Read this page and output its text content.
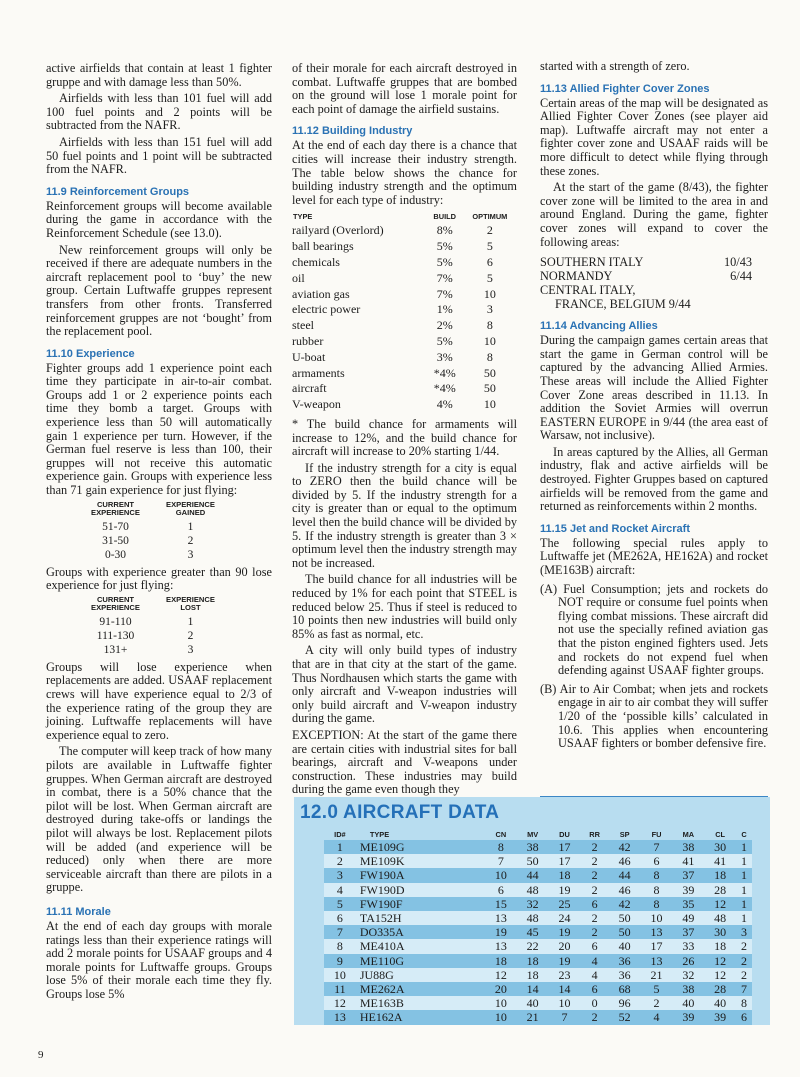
active airfields that contain at least 1 fighter gruppe and with damage less than 50%.

Airfields with less than 101 fuel will add 100 fuel points and 2 points will be subtracted from the NAFR.

Airfields with less than 151 fuel will add 50 fuel points and 1 point will be subtracted from the NAFR.

11.9 Reinforcement Groups

Reinforcement groups will become available during the game in accordance with the Reinforcement Schedule (see 13.0).

New reinforcement groups will only be received if there are adequate numbers in the aircraft replacement pool to ‘buy’ the new group. Certain Luftwaffe gruppes represent transfers from other fronts. Transferred reinforcement gruppes are not ‘bought’ from the replacement pool.

11.10 Experience

Fighter groups add 1 experience point each time they participate in air-to-air combat. Groups add 1 or 2 experience points each time they bomb a target. Groups with experience less than 50 will automatically gain 1 experience per turn. However, if the German fuel reserve is less than 100, their gruppes will not receive this automatic experience gain. Groups with experience less than 71 gain experience for just flying:

CURRENT
EXPERIENCE	EXPERIENCE
GAINED
51-70	1
31-50	2
0-30	3

Groups with experience greater than 90 lose experience for just flying:

CURRENT
EXPERIENCE	EXPERIENCE
LOST
91-110	1
111-130	2
131+	3

Groups will lose experience when replacements are added. USAAF replacement crews will have experience equal to 2/3 of the experience rating of the group they are joining. Luftwaffe replacements will have experience equal to zero.

The computer will keep track of how many pilots are available in Luftwaffe fighter gruppes. When German aircraft are destroyed in combat, there is a 50% chance that the pilot will be lost. When German aircraft are destroyed during take-offs or landings the pilot will always be lost. Replacement pilots will be added (and experience will be reduced) only when there are more serviceable aircraft than there are pilots in a gruppe.

11.11 Morale

At the end of each day groups with morale ratings less than their experience ratings will add 2 morale points for USAAF groups and 4 morale points for Luftwaffe groups. Groups lose 5% of their morale each time they fly. Groups lose 5%

of their morale for each aircraft destroyed in combat. Luftwaffe gruppes that are bombed on the ground will lose 1 morale point for each point of damage the airfield sustains.

11.12 Building Industry

At the end of each day there is a chance that cities will increase their industry strength. The table below shows the chance for building industry strength and the optimum level for each type of industry:

TYPE	BUILD	OPTIMUM
railyard (Overlord)	8%	2
ball bearings	5%	5
chemicals	5%	6
oil	7%	5
aviation gas	7%	10
electric power	1%	3
steel	2%	8
rubber	5%	10
U-boat	3%	8
armaments	*4%	50
aircraft	*4%	50
V-weapon	4%	10

* The build chance for armaments will increase to 12%, and the build chance for aircraft will increase to 20% starting 1/44.

If the industry strength for a city is equal to ZERO then the build chance will be divided by 5. If the industry strength for a city is greater than or equal to the optimum level then the build chance will be divided by 5. If the industry strength is greater than 3 × optimum level then the industry strength may not be increased.

The build chance for all industries will be reduced by 1% for each point that STEEL is reduced below 25. Thus if steel is reduced to 10 points then new industries will build only 85% as fast as normal, etc.

A city will only build types of industry that are in that city at the start of the game. Thus Nordhausen which starts the game with only aircraft and V-weapon industries will only build aircraft and V-weapon industry during the game.

EXCEPTION: At the start of the game there are certain cities with industrial sites for ball bearings, aircraft and V-weapons under construction. These industries may build during the game even though they

started with a strength of zero.

11.13 Allied Fighter Cover Zones

Certain areas of the map will be designated as Allied Fighter Cover Zones (see player aid map). Luftwaffe aircraft may not enter a fighter cover zone and USAAF raids will be more difficult to detect while flying through these zones.

At the start of the game (8/43), the fighter cover zone will be limited to the area in and around England. During the game, fighter cover zones will expand to cover the following areas:

SOUTHERN ITALY	10/43
NORMANDY	6/44
CENTRAL ITALY,	
FRANCE, BELGIUM 9/44	
11.14 Advancing Allies

During the campaign games certain areas that start the game in German control will be captured by the advancing Allied Armies. These areas will include the Allied Fighter Cover Zone areas described in 11.13. In addition the Soviet Armies will overrun EASTERN EUROPE in 9/44 (the area east of Warsaw, not inclusive).

In areas captured by the Allies, all German industry, flak and active airfields will be destroyed. Fighter Gruppes based on captured airfields will be removed from the game and returned as reinforcements within 2 months.

11.15 Jet and Rocket Aircraft

The following special rules apply to Luftwaffe jet (ME262A, HE162A) and rocket (ME163B) aircraft:

(A) Fuel Consumption; jets and rockets do NOT require or consume fuel points when flying combat missions. These aircraft did not use the specially refined aviation gas that the piston engined fighters used. Jets and rockets do not expend fuel when defending against USAAF fighter groups.

(B) Air to Air Combat; when jets and rockets engage in air to air combat they will suffer 1/20 of the ‘possible kills’ calculated in 10.6. This applies when encountering USAAF fighters or bomber defensive fire.

12.0 AIRCRAFT DATA
ID#	TYPE	CN	MV	DU	RR	SP	FU	MA	CL	C
1	ME109G	8	38	17	2	42	7	38	30	1
2	ME109K	7	50	17	2	46	6	41	41	1
3	FW190A	10	44	18	2	44	8	37	18	1
4	FW190D	6	48	19	2	46	8	39	28	1
5	FW190F	15	32	25	6	42	8	35	12	1
6	TA152H	13	48	24	2	50	10	49	48	1
7	DO335A	19	45	19	2	50	13	37	30	3
8	ME410A	13	22	20	6	40	17	33	18	2
9	ME110G	18	18	19	4	36	13	26	12	2
10	JU88G	12	18	23	4	36	21	32	12	2
11	ME262A	20	14	14	6	68	5	38	28	7
12	ME163B	10	40	10	0	96	2	40	40	8
13	HE162A	10	21	7	2	52	4	39	39	6
9
